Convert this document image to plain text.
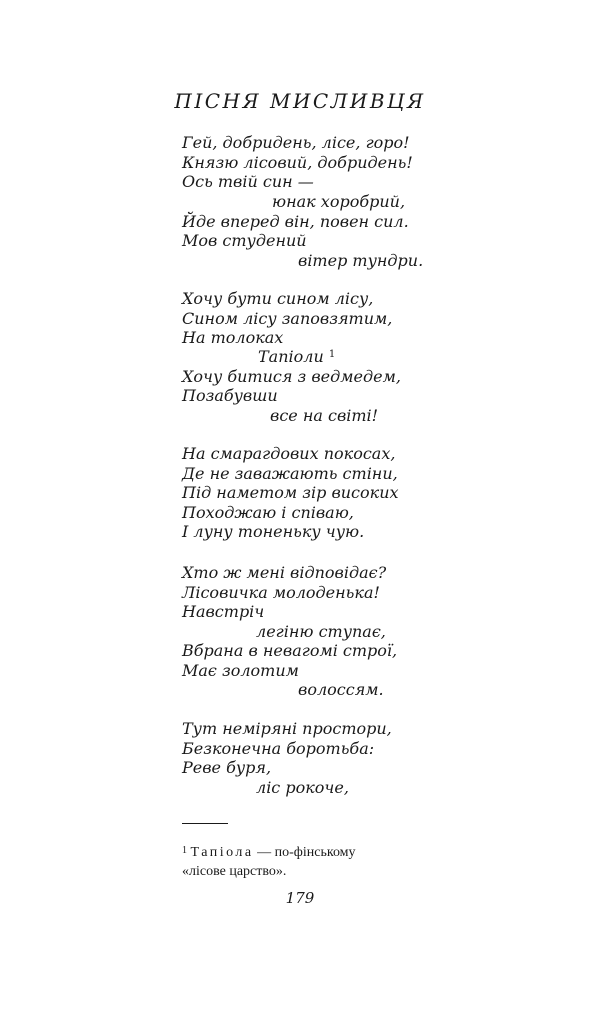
ПІСНЯ МИСЛИВЦЯ
Гей, добридень, лісе, горо!
Князю лісовий, добридень!
Ось твій син —
юнак хоробрий,
Йде вперед він, повен сил.
Мов студений
вітер тундри.
Хочу бути сином лісу,
Сином лісу заповзятим,
На толоках
Тапіоли $^1$
Хочу битися з ведмедем,
Позабувши
все на світі!
На смарагдових покосах,
Де не заважають стіни,
Під наметом зір високих
Походжаю і співаю,
І луну тоненьку чую.
Хто ж мені відповідає?
Лісовичка молоденька!
Навстріч
легіню ступає,
Вбрана в невагомі строї,
Має золотим
волоссям.
Тут неміряні простори,
Безконечна боротьба:
Реве буря,
ліс рокоче,
$^1$ Тапіола — по-фінському
«лісове царство».
179
